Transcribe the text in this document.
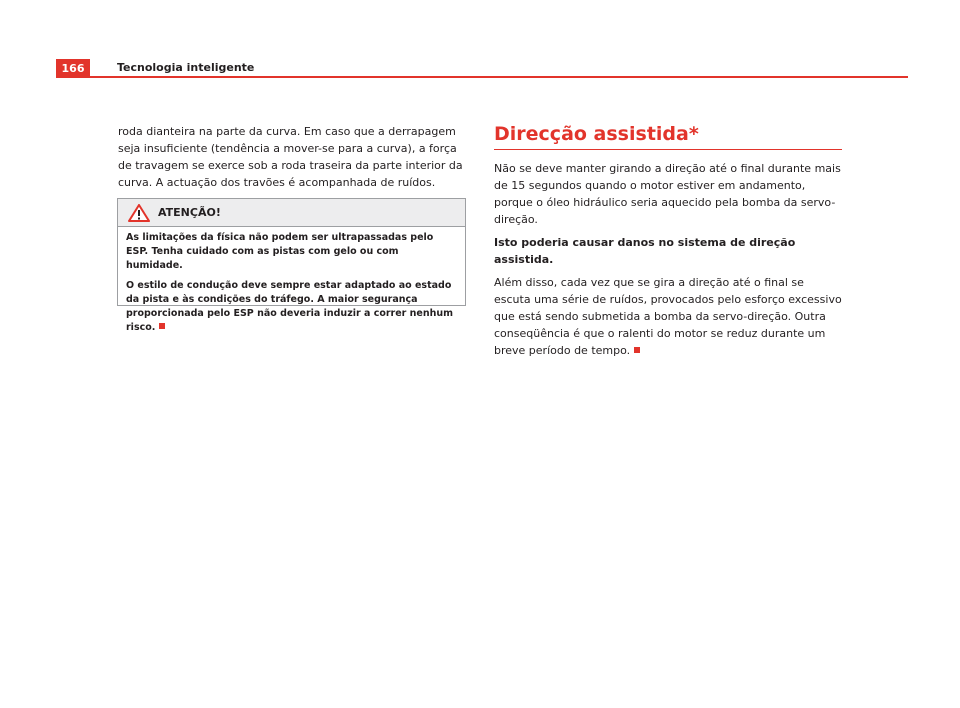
166	Tecnologia inteligente

roda dianteira na parte da curva. Em caso que a derrapagem seja insuficiente (tendência a mover-se para a curva), a força de travagem se exerce sob a roda traseira da parte interior da curva. A actuação dos travões é acompanhada de ruídos.

ATENÇÃO!

As limitações da física não podem ser ultrapassadas pelo ESP. Tenha cuidado com as pistas com gelo ou com humidade.

O estilo de condução deve sempre estar adaptado ao estado da pista e às condições do tráfego. A maior segurança proporcionada pelo ESP não deveria induzir a correr nenhum risco.

Direcção assistida*

Não se deve manter girando a direção até o final durante mais de 15 segundos quando o motor estiver em andamento, porque o óleo hidráulico seria aquecido pela bomba da servo-direção.

Isto poderia causar danos no sistema de direção assistida.

Além disso, cada vez que se gira a direção até o final se escuta uma série de ruídos, provocados pelo esforço excessivo que está sendo submetida a bomba da servo-direção. Outra conseqüência é que o ralenti do motor se reduz durante um breve período de tempo.
